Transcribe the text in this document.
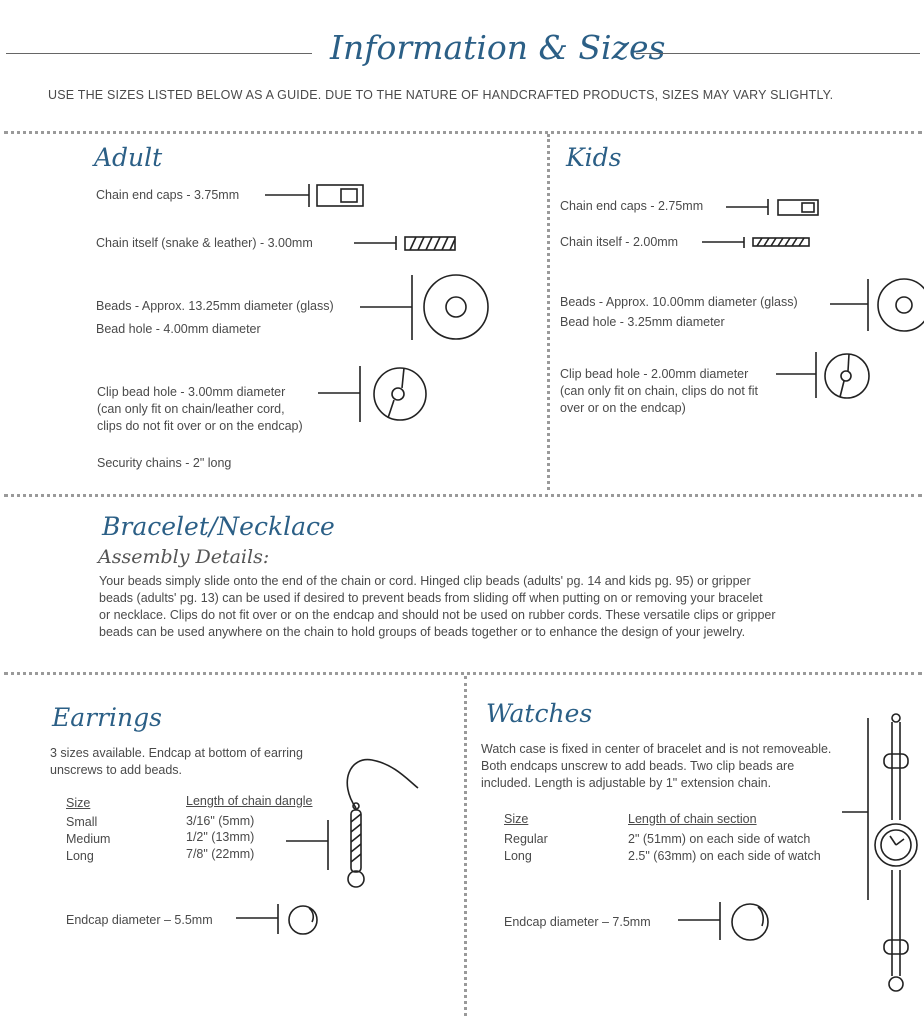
Information & Sizes
USE THE SIZES LISTED BELOW AS A GUIDE. DUE TO THE NATURE OF HANDCRAFTED PRODUCTS, SIZES MAY VARY SLIGHTLY.
Adult
Chain end caps - 3.75mm
Chain itself (snake & leather) - 3.00mm
Beads - Approx. 13.25mm diameter (glass)
Bead hole - 4.00mm diameter
Clip bead hole - 3.00mm diameter
(can only fit on chain/leather cord,
clips do not fit over or on the endcap)
Security chains - 2" long
Kids
Chain end caps - 2.75mm
Chain itself - 2.00mm
Beads - Approx. 10.00mm diameter (glass)
Bead hole - 3.25mm diameter
Clip bead hole - 2.00mm diameter
(can only fit on chain, clips do not fit
over or on the endcap)
Bracelet/Necklace
Assembly Details:
Your beads simply slide onto the end of the chain or cord. Hinged clip beads (adults' pg. 14 and kids pg. 95) or gripper
beads (adults' pg. 13) can be used if desired to prevent beads from sliding off when putting on or removing your bracelet
or necklace. Clips do not fit over or on the endcap and should not be used on rubber cords. These versatile clips or gripper
beads can be used anywhere on the chain to hold groups of beads together or to enhance the design of your jewelry.
Earrings
3 sizes available. Endcap at bottom of earring
unscrews to add beads.
Size	Length of chain dangle
Small	3/16" (5mm)
Medium	1/2" (13mm)
Long	7/8" (22mm)
Endcap diameter – 5.5mm
Watches
Watch case is fixed in center of bracelet and is not removeable.
Both endcaps unscrew to add beads. Two clip beads are
included. Length is adjustable by 1" extension chain.
Size	Length of chain section
Regular	2" (51mm) on each side of watch
Long	2.5" (63mm) on each side of watch
Endcap diameter – 7.5mm
